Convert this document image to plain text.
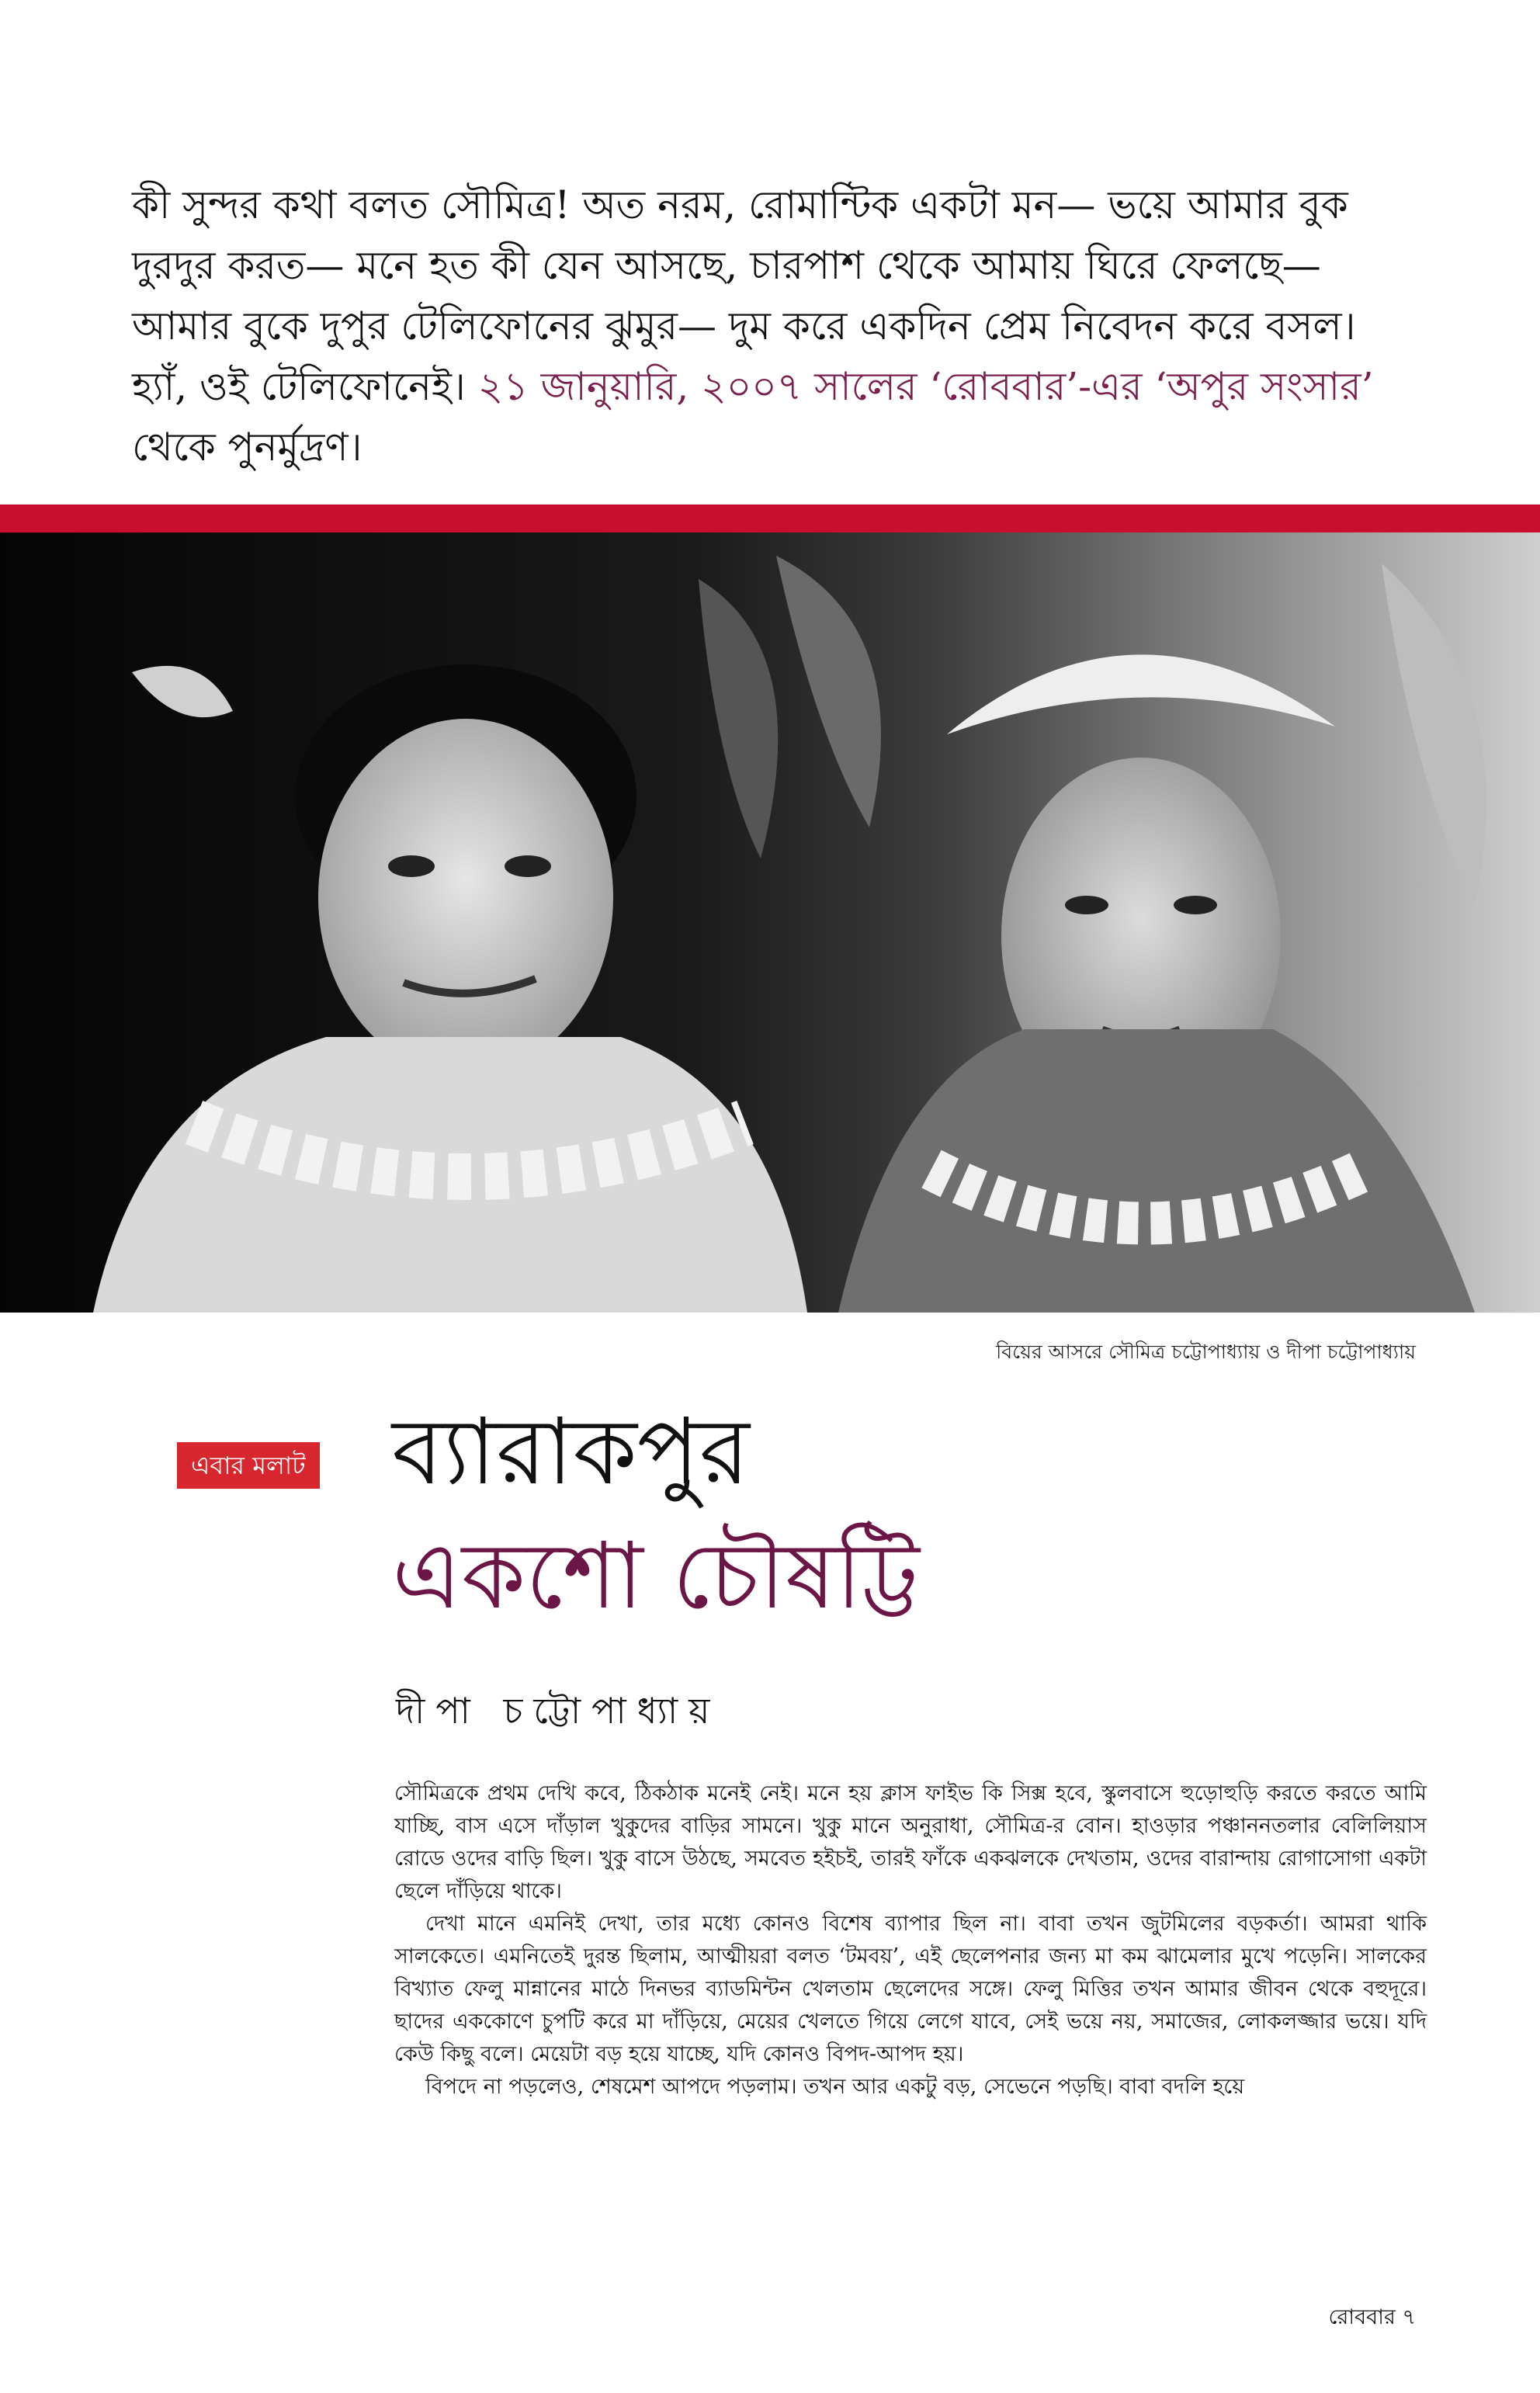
কী সুন্দর কথা বলত সৌমিত্র! অত নরম, রোমান্টিক একটা মন— ভয়ে আমার বুক দুরদুর করত— মনে হত কী যেন আসছে, চারপাশ থেকে আমায় ঘিরে ফেলছে— আমার বুকে দুপুর টেলিফোনের ঝুমুর— দুম করে একদিন প্রেম নিবেদন করে বসল। হ্যাঁ, ওই টেলিফোনেই। ২১ জানুয়ারি, ২০০৭ সালের ‘রোববার’-এর ‘অপুর সংসার’ থেকে পুনর্মুদ্রণ।
বিয়ের আসরে সৌমিত্র চট্টোপাধ্যায় ও দীপা চট্টোপাধ্যায়
এবার মলাট ব্যারাকপুর
একশো চৌষট্টি
দীপা চট্টোপাধ্যায়

সৌমিত্রকে প্রথম দেখি কবে, ঠিকঠাক মনেই নেই। মনে হয় ক্লাস ফাইভ কি সিক্স হবে, স্কুলবাসে হুড়োহুড়ি করতে করতে আমি যাচ্ছি, বাস এসে দাঁড়াল খুকুদের বাড়ির সামনে। খুকু মানে অনুরাধা, সৌমিত্র-র বোন। হাওড়ার পঞ্চাননতলার বেলিলিয়াস রোডে ওদের বাড়ি ছিল। খুকু বাসে উঠছে, সমবেত হইচই, তারই ফাঁকে একঝলকে দেখতাম, ওদের বারান্দায় রোগাসোগা একটা ছেলে দাঁড়িয়ে থাকে।

দেখা মানে এমনিই দেখা, তার মধ্যে কোনও বিশেষ ব্যাপার ছিল না। বাবা তখন জুটমিলের বড়কর্তা। আমরা থাকি সালকেতে। এমনিতেই দুরন্ত ছিলাম, আত্মীয়রা বলত ‘টমবয়’, এই ছেলেপনার জন্য মা কম ঝামেলার মুখে পড়েনি। সালকের বিখ্যাত ফেলু মান্নানের মাঠে দিনভর ব্যাডমিন্টন খেলতাম ছেলেদের সঙ্গে। ফেলু মিত্তির তখন আমার জীবন থেকে বহুদূরে। ছাদের এককোণে চুপটি করে মা দাঁড়িয়ে, মেয়ের খেলতে গিয়ে লেগে যাবে, সেই ভয়ে নয়, সমাজের, লোকলজ্জার ভয়ে। যদি কেউ কিছু বলে। মেয়েটা বড় হয়ে যাচ্ছে, যদি কোনও বিপদ-আপদ হয়।

বিপদে না পড়লেও, শেষমেশ আপদে পড়লাম। তখন আর একটু বড়, সেভেনে পড়ছি। বাবা বদলি হয়ে

রোববার ৭
